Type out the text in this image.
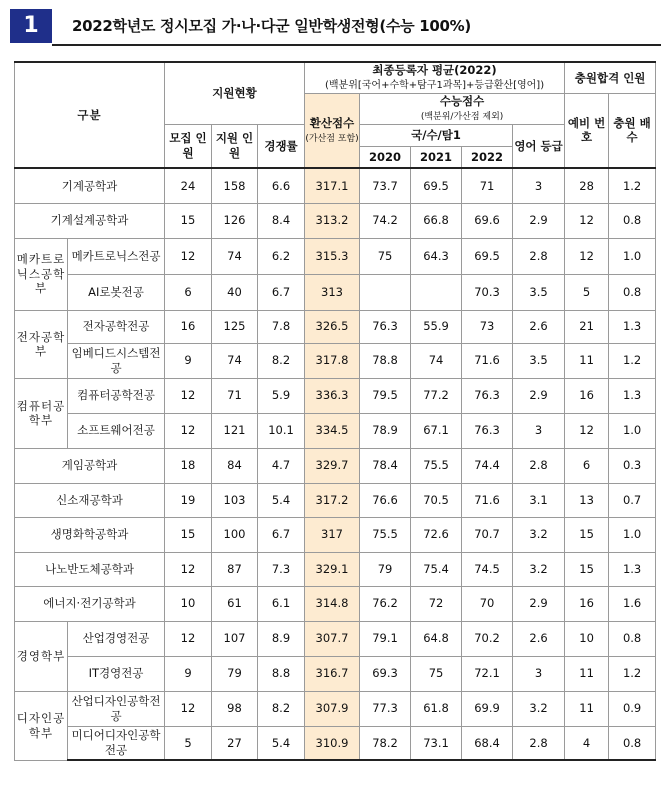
1	2022학년도 정시모집 가·나·다군 일반학생전형(수능 100%)
구분		지원현황			최종등록자 평균(2022)
(백분위[국어+수학+탐구1과목]+등급환산[영어])					충원합격 인원	
					환산점수
(가산점 포함)	수능점수
(백분위/가산점 제외)				예비 번호	충원 배수
		모집 인원	지원 인원	경쟁률		국/수/탐1			영어 등급		
						2020	2021	2022			
기계공학과		24	158	6.6	317.1	73.7	69.5	71	3	28	1.2
기계설계공학과		15	126	8.4	313.2	74.2	66.8	69.6	2.9	12	0.8
메카트로닉스공학부	메카트로닉스전공	12	74	6.2	315.3	75	64.3	69.5	2.8	12	1.0
	AI로봇전공	6	40	6.7	313			70.3	3.5	5	0.8
전자공학부	전자공학전공	16	125	7.8	326.5	76.3	55.9	73	2.6	21	1.3
	임베디드시스템전공	9	74	8.2	317.8	78.8	74	71.6	3.5	11	1.2
컴퓨터공학부	컴퓨터공학전공	12	71	5.9	336.3	79.5	77.2	76.3	2.9	16	1.3
	소프트웨어전공	12	121	10.1	334.5	78.9	67.1	76.3	3	12	1.0
게임공학과		18	84	4.7	329.7	78.4	75.5	74.4	2.8	6	0.3
신소재공학과		19	103	5.4	317.2	76.6	70.5	71.6	3.1	13	0.7
생명화학공학과		15	100	6.7	317	75.5	72.6	70.7	3.2	15	1.0
나노반도체공학과		12	87	7.3	329.1	79	75.4	74.5	3.2	15	1.3
에너지·전기공학과		10	61	6.1	314.8	76.2	72	70	2.9	16	1.6
경영학부	산업경영전공	12	107	8.9	307.7	79.1	64.8	70.2	2.6	10	0.8
	IT경영전공	9	79	8.8	316.7	69.3	75	72.1	3	11	1.2
디자인공학부	산업디자인공학전공	12	98	8.2	307.9	77.3	61.8	69.9	3.2	11	0.9
	미디어디자인공학전공	5	27	5.4	310.9	78.2	73.1	68.4	2.8	4	0.8
